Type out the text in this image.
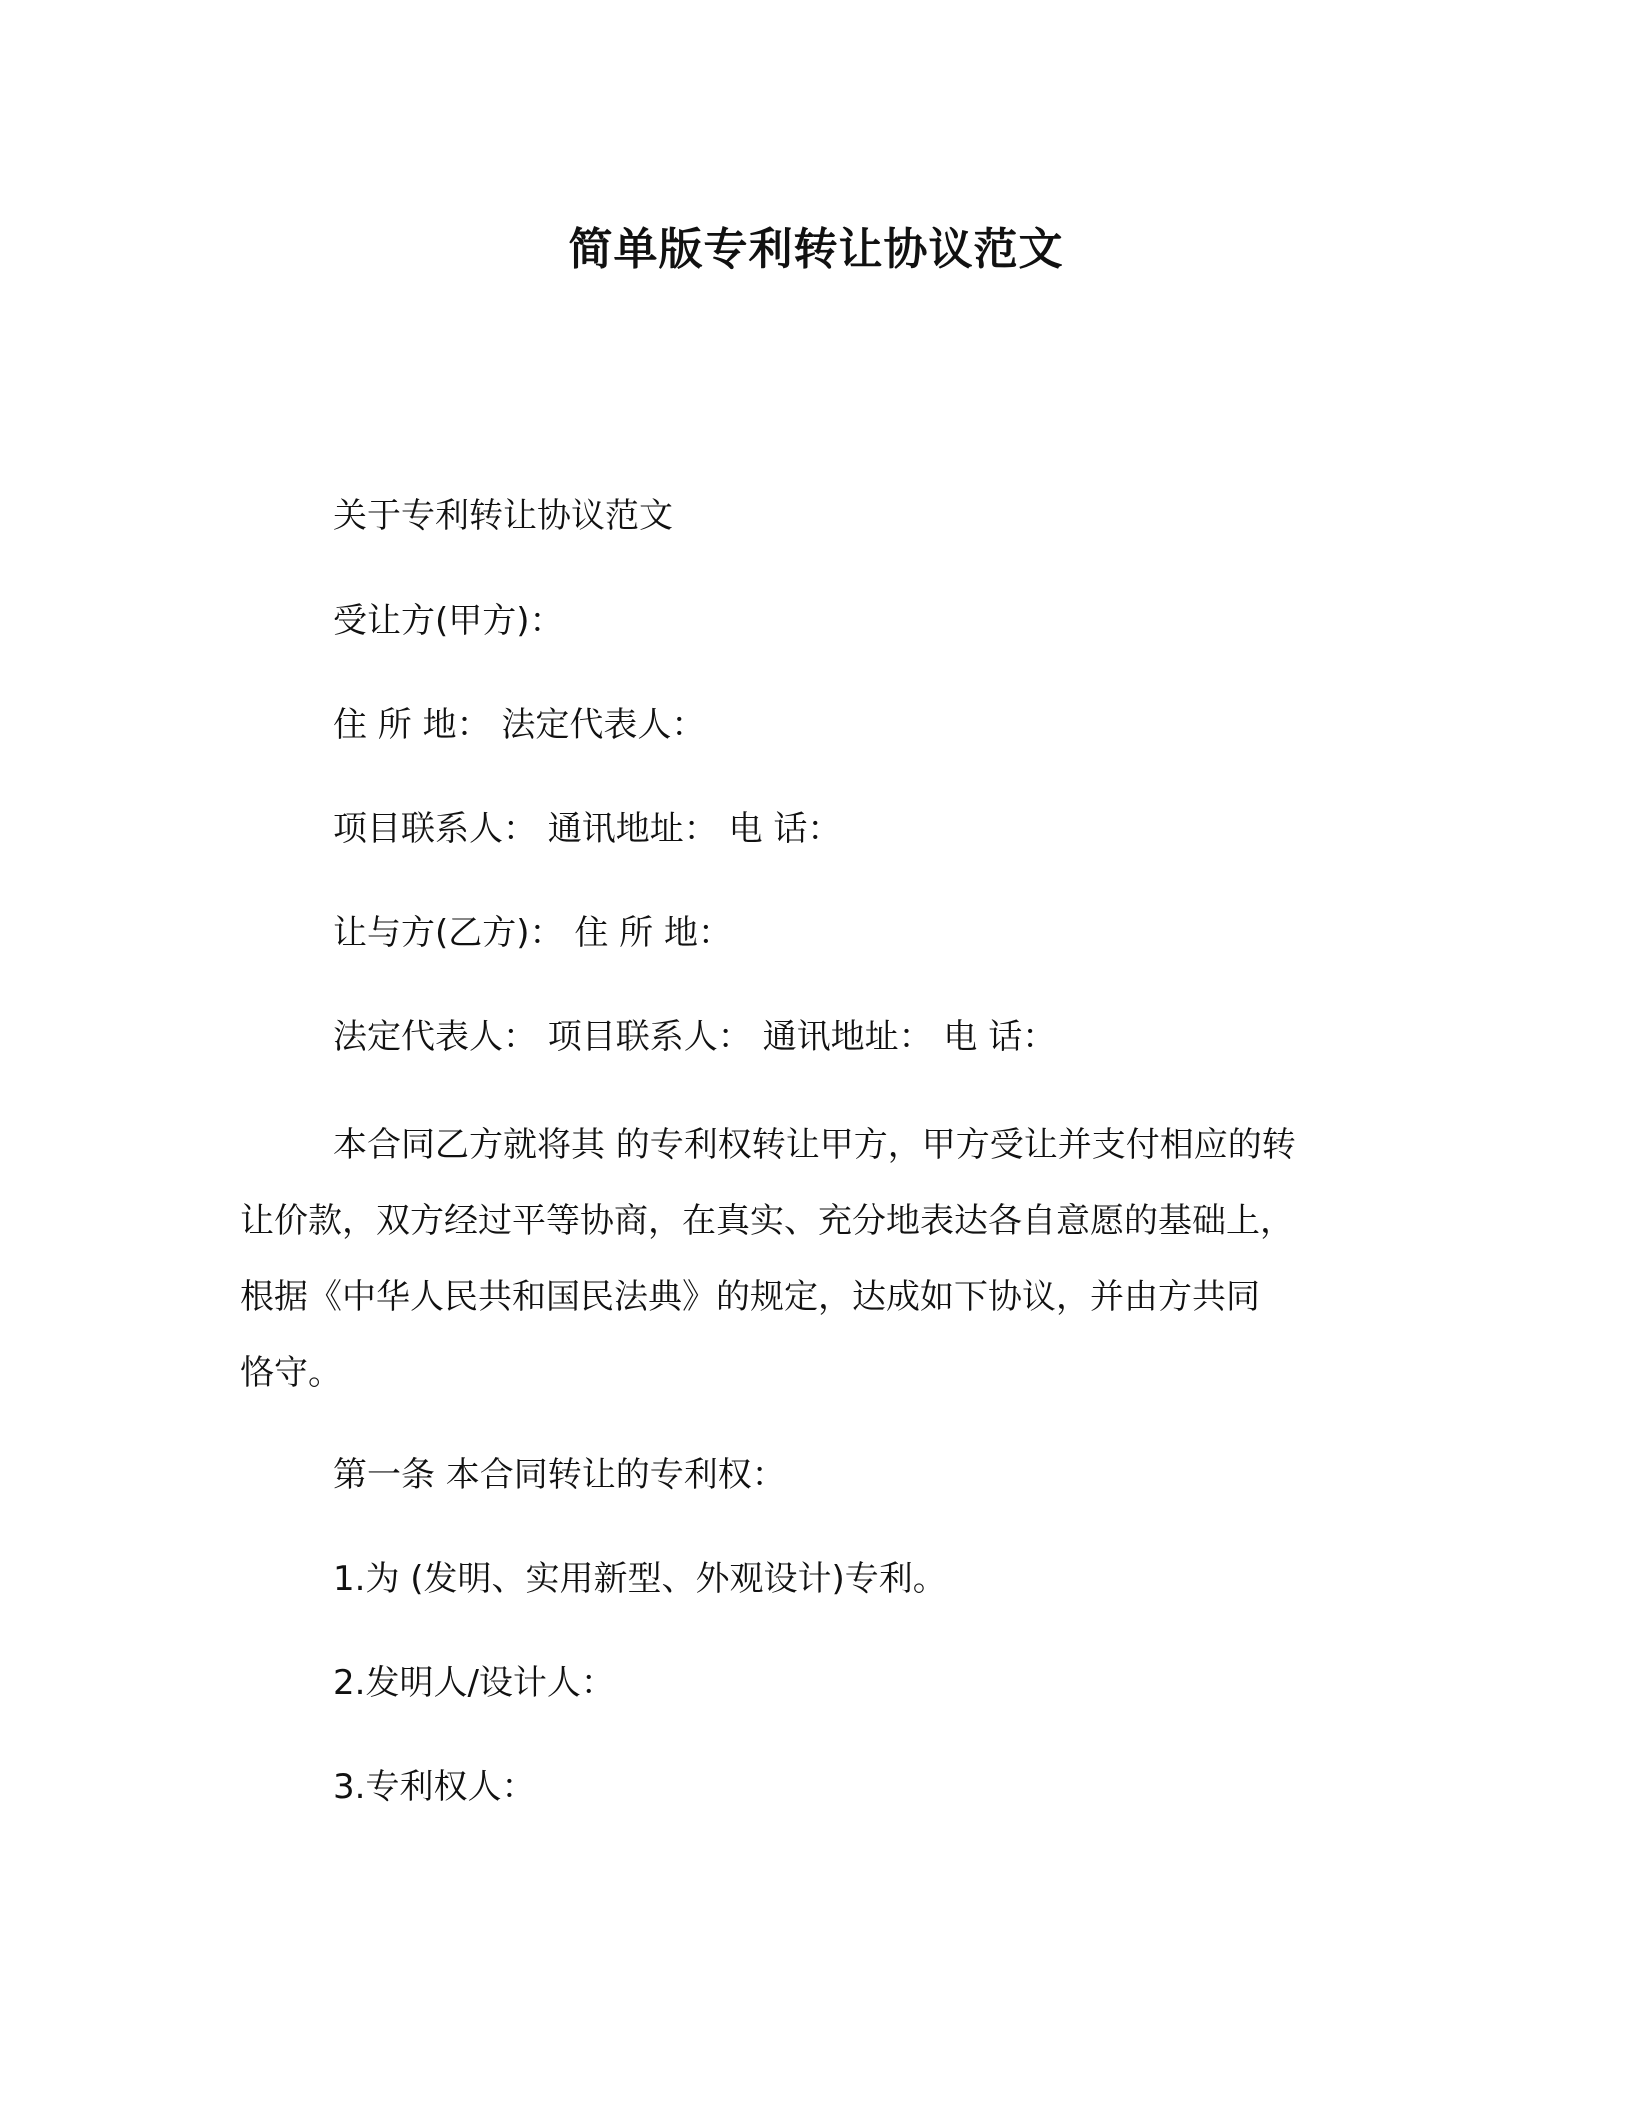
简单版专利转让协议范文
关于专利转让协议范文
受让方(甲方)：
住 所 地： 法定代表人：
项目联系人： 通讯地址： 电 话：
让与方(乙方)： 住 所 地：
法定代表人： 项目联系人： 通讯地址： 电 话：
本合同乙方就将其 的专利权转让甲方，甲方受让并支付相应的转
让价款，双方经过平等协商，在真实、充分地表达各自意愿的基础上，
根据《中华人民共和国民法典》的规定，达成如下协议，并由方共同
恪守。
第一条 本合同转让的专利权：
1.为 (发明、实用新型、外观设计)专利。
2.发明人/设计人：
3.专利权人：
